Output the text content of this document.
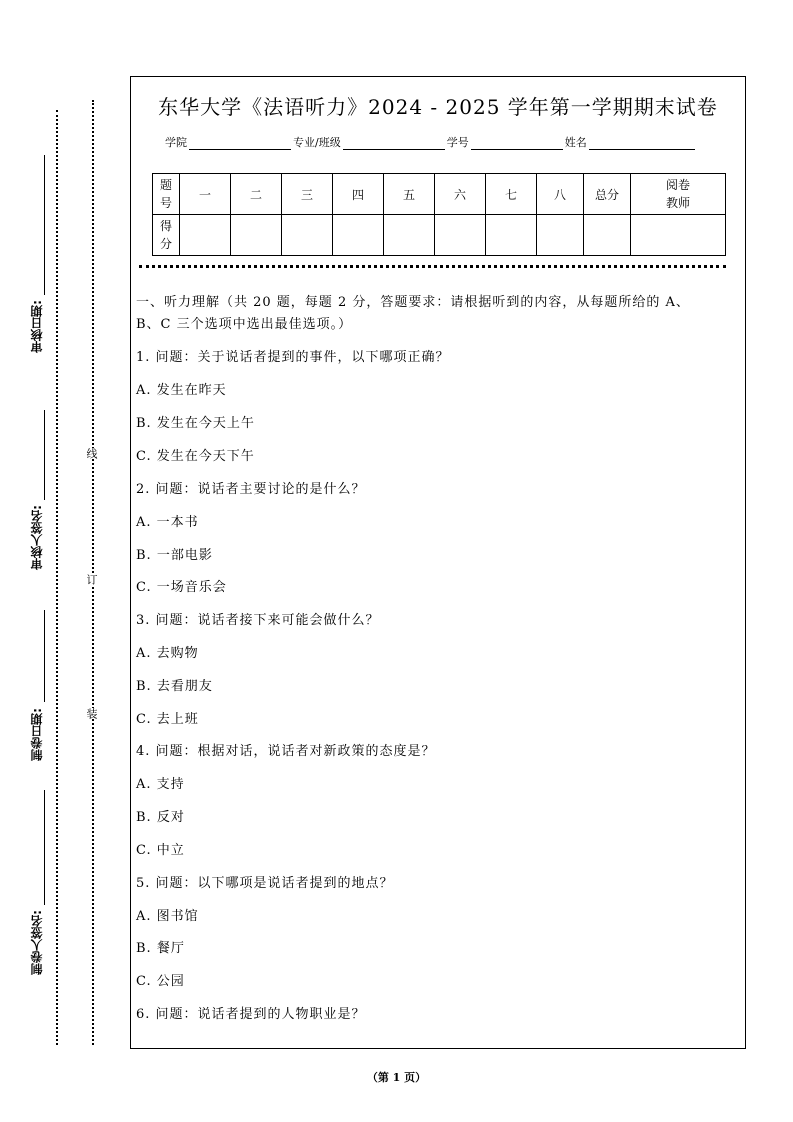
审核日期:
审核人签名:
制卷日期:
制卷人签名:
线
订
装
东华大学《法语听力》2024 - 2025 学年第一学期期末试卷
学院	专业/班级	学号	姓名
题
号	一	二	三	四	五	六	七	八	总分	阅卷
教师
得
分										
一、听力理解（共 20 题，每题 2 分，答题要求：请根据听到的内容，从每题所给的 A、
B、C 三个选项中选出最佳选项。）
1. 问题：关于说话者提到的事件，以下哪项正确？
A. 发生在昨天
B. 发生在今天上午
C. 发生在今天下午
2. 问题：说话者主要讨论的是什么？
A. 一本书
B. 一部电影
C. 一场音乐会
3. 问题：说话者接下来可能会做什么？
A. 去购物
B. 去看朋友
C. 去上班
4. 问题：根据对话，说话者对新政策的态度是？
A. 支持
B. 反对
C. 中立
5. 问题：以下哪项是说话者提到的地点？
A. 图书馆
B. 餐厅
C. 公园
6. 问题：说话者提到的人物职业是？
（第 1 页）
